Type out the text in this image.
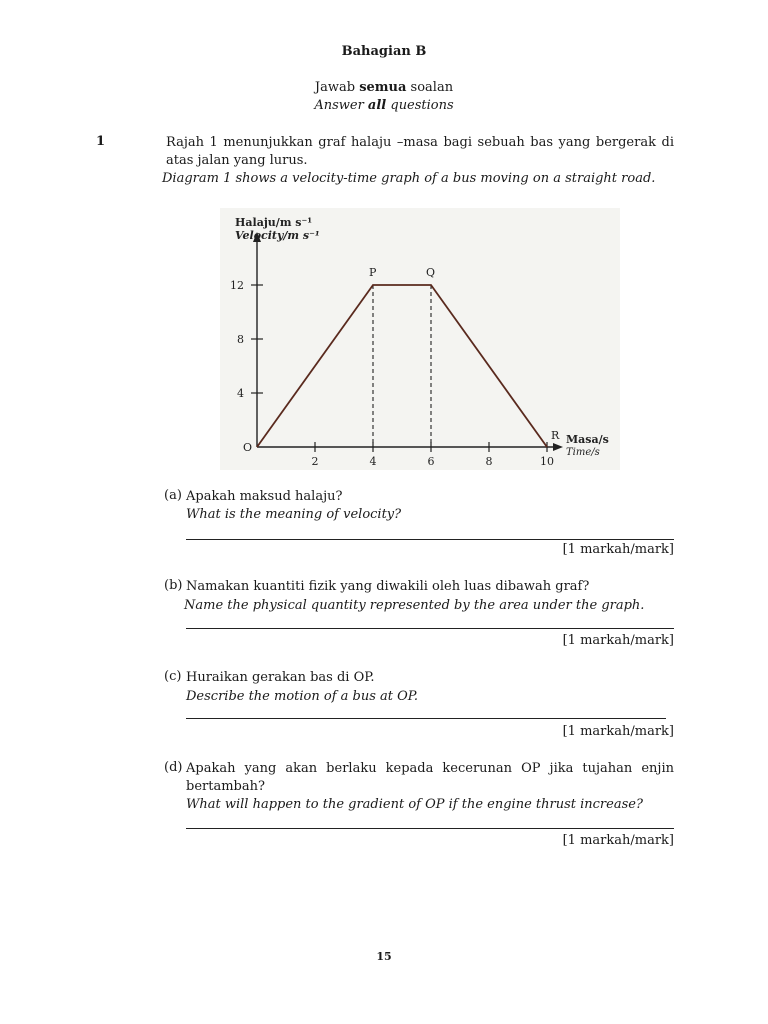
Bahagian B
Jawab semua soalan
Answer all questions
1	Rajah 1 menunjukkan graf halaju –masa bagi sebuah bas yang bergerak di atas jalan yang lurus.
Diagram 1 shows a velocity-time graph of a bus moving on a straight road.
Halaju/m s⁻¹
Velocity/m s⁻¹
Masa/s
Time/s
2	4	6	8	10
4
8
12
O
P	Q
R
(a) Apakah maksud halaju?
What is the meaning of velocity?
[1 markah/mark]
(b) Namakan kuantiti fizik yang diwakili oleh luas dibawah graf?
Name the physical quantity represented by the area under the graph.
[1 markah/mark]
(c) Huraikan gerakan bas di OP.
Describe the motion of a bus at OP.
[1 markah/mark]
(d) Apakah yang akan berlaku kepada kecerunan OP jika tujahan enjin bertambah?
What will happen to the gradient of OP if the engine thrust increase?
[1 markah/mark]
15
